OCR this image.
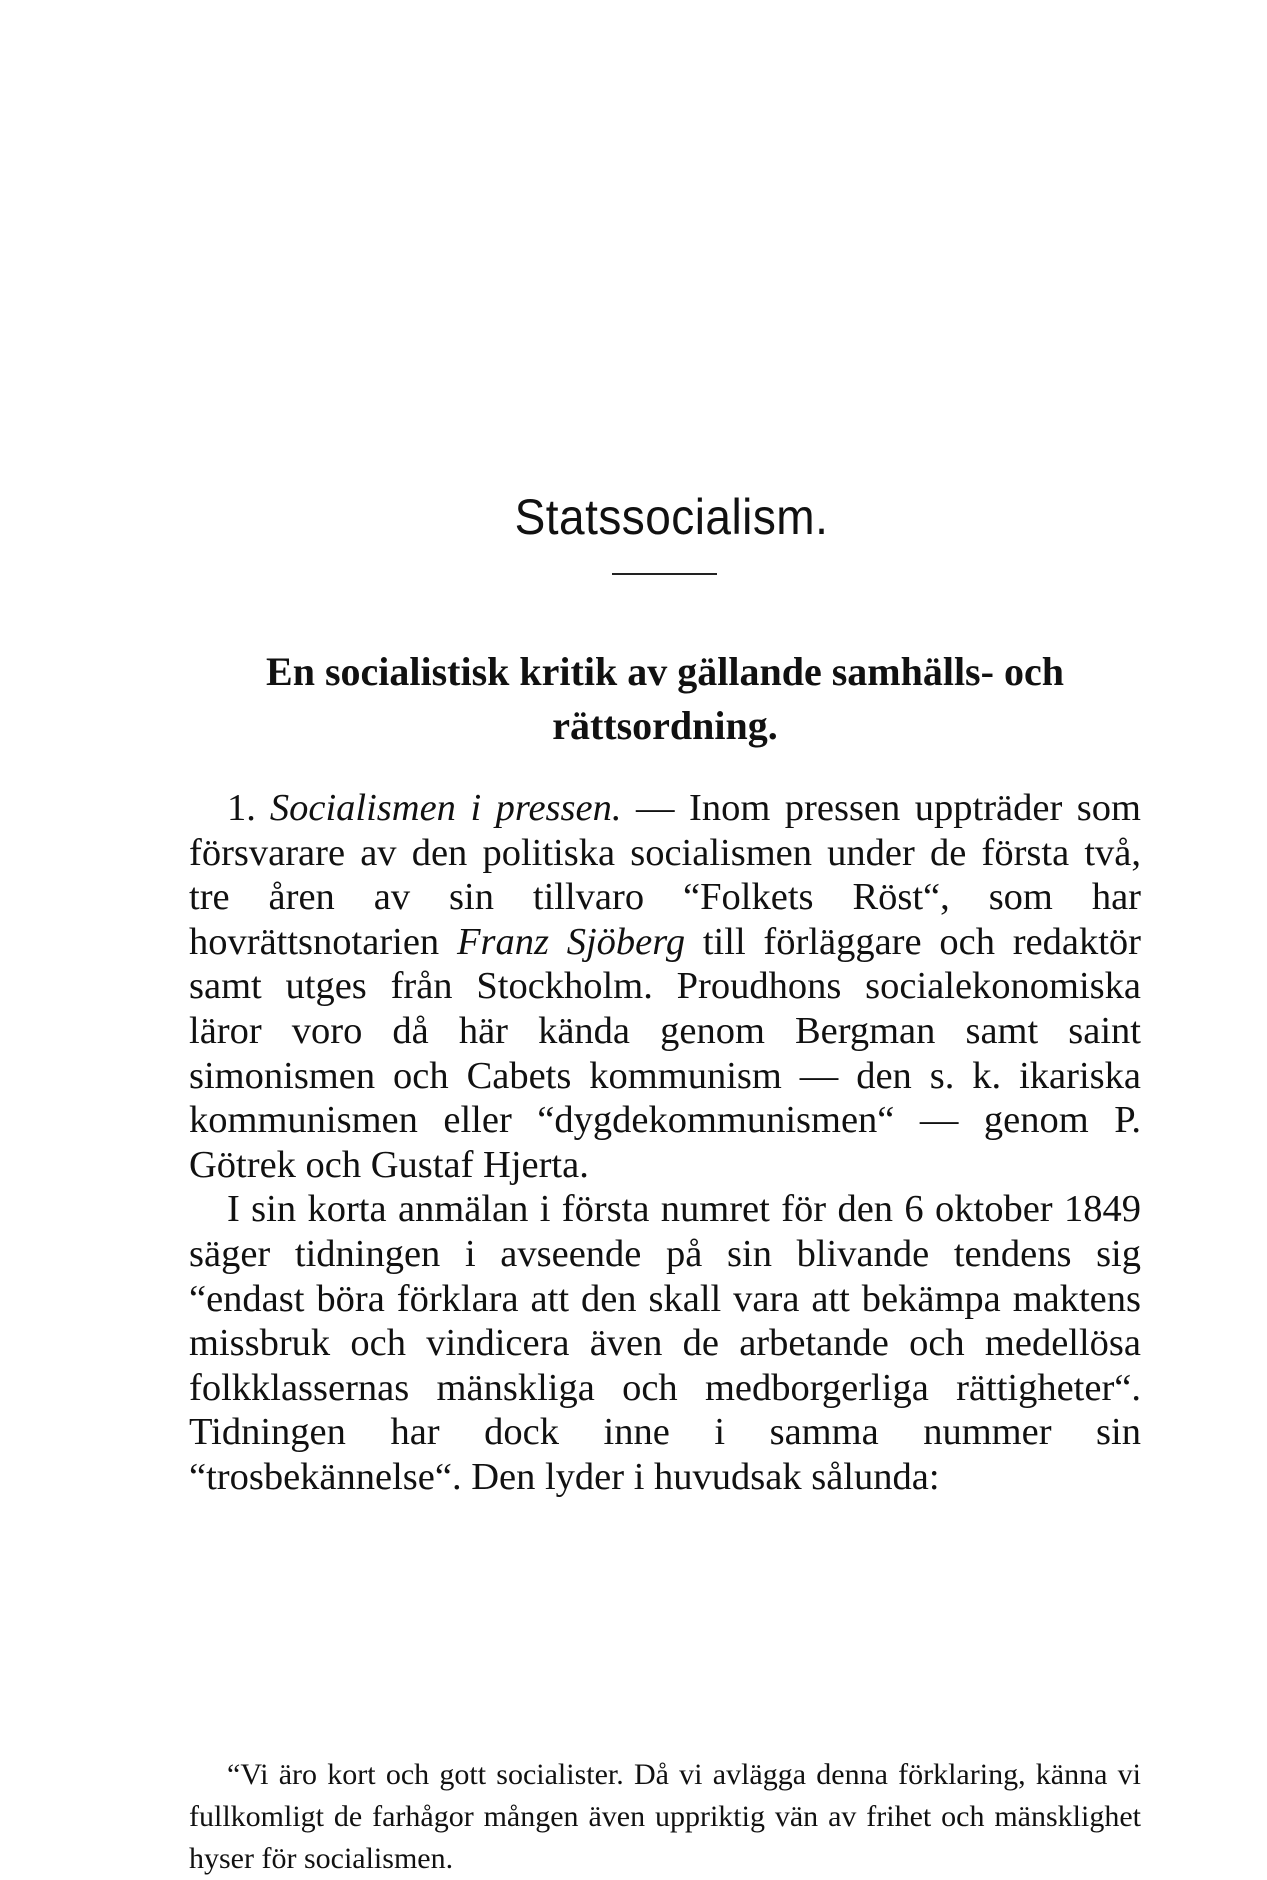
Statssocialism.
En socialistisk kritik av gällande samhälls- och rättsordning.

1. Socialismen i pressen. — Inom pressen uppträder som försvarare av den politiska socialismen under de första två, tre åren av sin tillvaro “Folkets Röst“, som har hovrättsnotarien Franz Sjöberg till förläggare och redaktör samt utges från Stockholm. Proudhons socialekonomiska läror voro då här kända genom Bergman samt saint simonismen och Cabets kommunism — den s. k. ikariska kommunismen eller “dygdekommunismen“ — genom P. Götrek och Gustaf Hjerta.

I sin korta anmälan i första numret för den 6 oktober 1849 säger tidningen i avseende på sin blivande tendens sig “endast böra förklara att den skall vara att bekämpa maktens missbruk och vindicera även de arbetande och medellösa folkklassernas mänskliga och medborgerliga rättigheter“. Tidningen har dock inne i samma nummer sin “trosbekännelse“. Den lyder i huvudsak sålunda:

“Vi äro kort och gott socialister. Då vi avlägga denna förklaring, känna vi fullkomligt de farhågor mången även uppriktig vän av frihet och mänsklighet hyser för socialismen.
